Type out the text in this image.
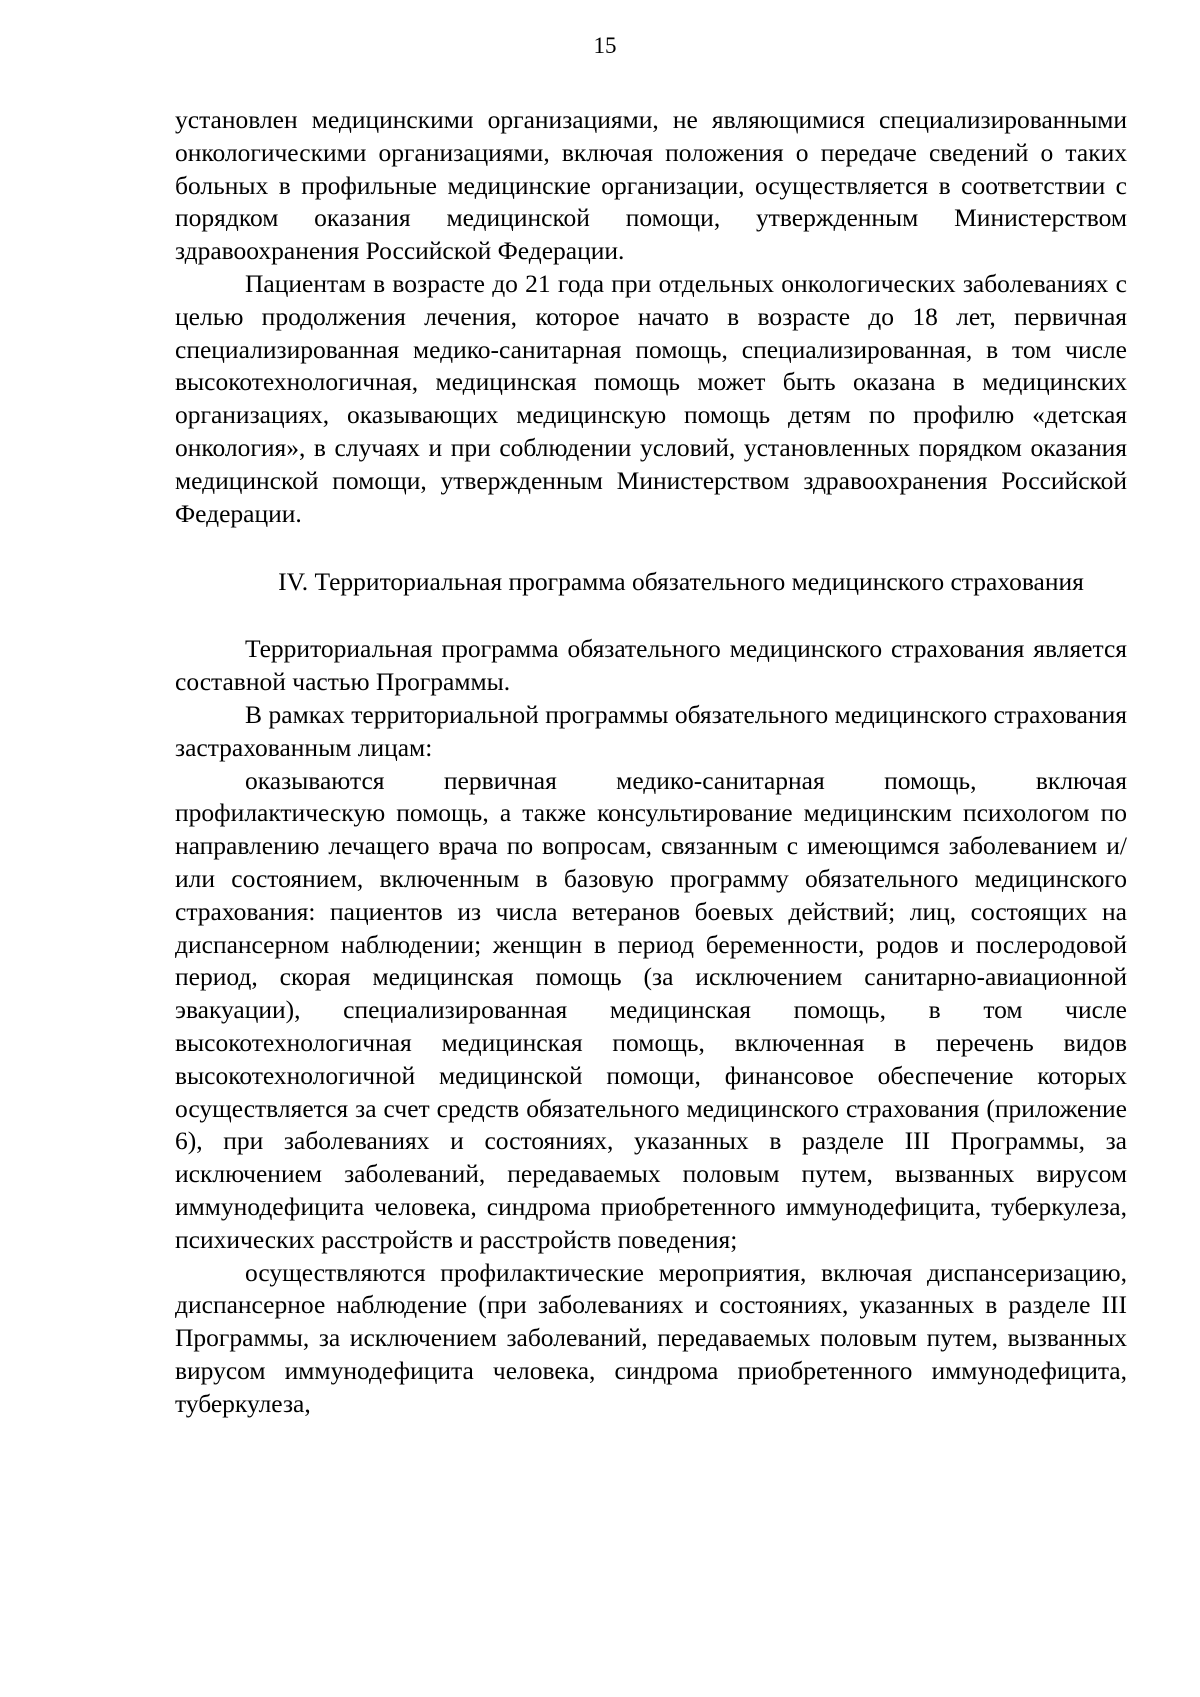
15

установлен медицинскими организациями, не являющимися специализированными онкологическими организациями, включая положения о передаче сведений о таких больных в профильные медицинские организации, осуществляется в соответствии с порядком оказания медицинской помощи, утвержденным Министерством здравоохранения Российской Федерации.

Пациентам в возрасте до 21 года при отдельных онкологических заболеваниях с целью продолжения лечения, которое начато в возрасте до 18 лет, первичная специализированная медико-санитарная помощь, специализированная, в том числе высокотехнологичная, медицинская помощь может быть оказана в медицинских организациях, оказывающих медицинскую помощь детям по профилю «детская онкология», в случаях и при соблюдении условий, установленных порядком оказания медицинской помощи, утвержденным Министерством здравоохранения Российской Федерации.

IV. Территориальная программа обязательного медицинского страхования

Территориальная программа обязательного медицинского страхования является составной частью Программы.

В рамках территориальной программы обязательного медицинского страхования застрахованным лицам:

оказываются первичная медико-санитарная помощь, включая профилактическую помощь, а также консультирование медицинским психологом по направлению лечащего врача по вопросам, связанным с имеющимся заболеванием и/или состоянием, включенным в базовую программу обязательного медицинского страхования: пациентов из числа ветеранов боевых действий; лиц, состоящих на диспансерном наблюдении; женщин в период беременности, родов и послеродовой период, скорая медицинская помощь (за исключением санитарно-авиационной эвакуации), специализированная медицинская помощь, в том числе высокотехнологичная медицинская помощь, включенная в перечень видов высокотехнологичной медицинской помощи, финансовое обеспечение которых осуществляется за счет средств обязательного медицинского страхования (приложение 6), при заболеваниях и состояниях, указанных в разделе III Программы, за исключением заболеваний, передаваемых половым путем, вызванных вирусом иммунодефицита человека, синдрома приобретенного иммунодефицита, туберкулеза, психических расстройств и расстройств поведения;

осуществляются профилактические мероприятия, включая диспансеризацию, диспансерное наблюдение (при заболеваниях и состояниях, указанных в разделе III Программы, за исключением заболеваний, передаваемых половым путем, вызванных вирусом иммунодефицита человека, синдрома приобретенного иммунодефицита, туберкулеза,
